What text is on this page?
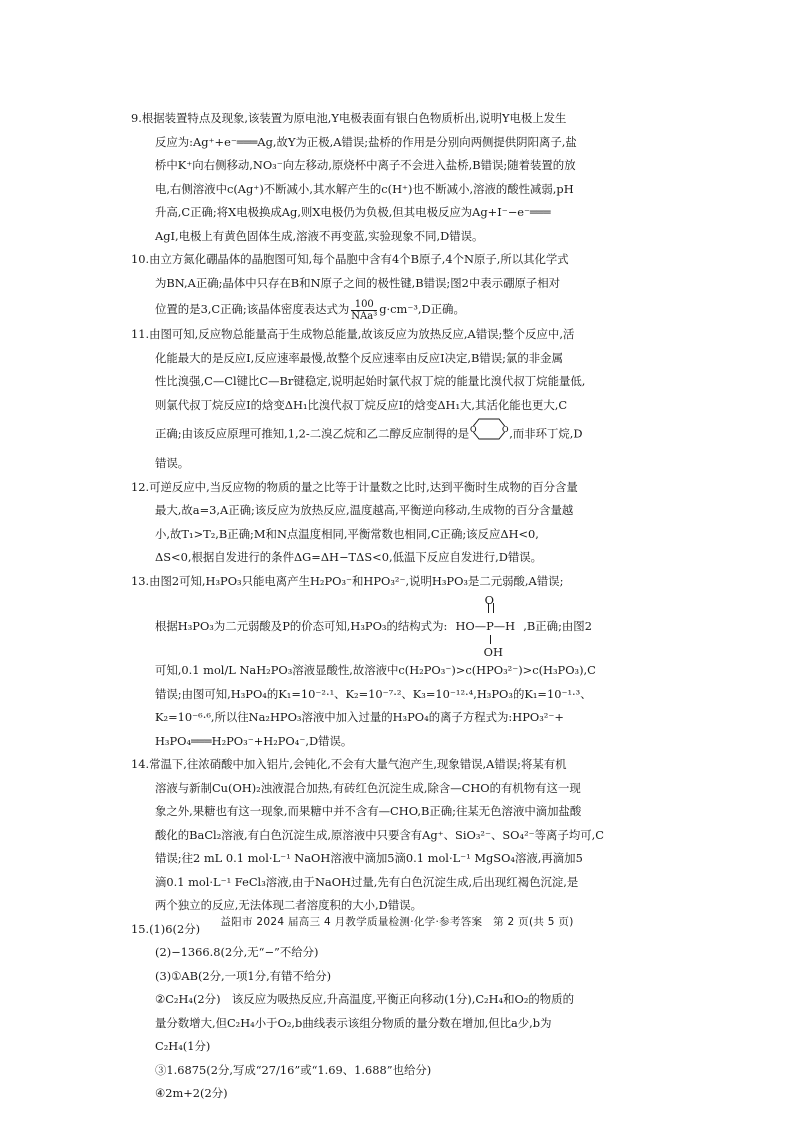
9.根据装置特点及现象,该装置为原电池,Y电极表面有银白色物质析出,说明Y电极上发生

反应为:Ag⁺+e⁻═══Ag,故Y为正极,A错误;盐桥的作用是分别向两侧提供阴阳离子,盐

桥中K⁺向右侧移动,NO₃⁻向左移动,原烧杯中离子不会进入盐桥,B错误;随着装置的放

电,右侧溶液中c(Ag⁺)不断减小,其水解产生的c(H⁺)也不断减小,溶液的酸性减弱,pH

升高,C正确;将X电极换成Ag,则X电极仍为负极,但其电极反应为Ag+I⁻−e⁻═══

AgI,电极上有黄色固体生成,溶液不再变蓝,实验现象不同,D错误。

10.由立方氮化硼晶体的晶胞图可知,每个晶胞中含有4个B原子,4个N原子,所以其化学式

为BN,A正确;晶体中只存在B和N原子之间的极性键,B错误;图2中表示硼原子相对

位置的是3,C正确;该晶体密度表达式为 $\frac{100}{\text{NAa³}} g\cdot cm^{-3},D$正确。

11.由图可知,反应物总能量高于生成物总能量,故该反应为放热反应,A错误;整个反应中,活

化能最大的是反应Ⅰ,反应速率最慢,故整个反应速率由反应Ⅰ决定,B错误;氯的非金属

性比溴强,C—Cl键比C—Br键稳定,说明起始时氯代叔丁烷的能量比溴代叔丁烷能量低,

则氯代叔丁烷反应Ⅰ的焓变ΔH₁比溴代叔丁烷反应Ⅰ的焓变ΔH₁大,其活化能也更大,C

正确;由该反应原理可推知,1,2-二溴乙烷和乙二醇反应制得的是 O	O ,而非环丁烷,D

错误。

12.可逆反应中,当反应物的物质的量之比等于计量数之比时,达到平衡时生成物的百分含量

最大,故a=3,A正确;该反应为放热反应,温度越高,平衡逆向移动,生成物的百分含量越

小,故T₁>T₂,B正确;M和N点温度相同,平衡常数也相同,C正确;该反应ΔH<0,

ΔS<0,根据自发进行的条件ΔG=ΔH−TΔS<0,低温下反应自发进行,D错误。

13.由图2可知,H₃PO₃只能电离产生H₂PO₃⁻和HPO₃²⁻,说明H₃PO₃是二元弱酸,A错误;

根据H₃PO₃为二元弱酸及P的价态可知,H₃PO₃的结构式为:
O
HO—P—H
OH
,B正确;由图2

可知,0.1 mol/L NaH₂PO₃溶液显酸性,故溶液中c(H₂PO₃⁻)>c(HPO₃²⁻)>c(H₃PO₃),C

错误;由图可知,H₃PO₄的K₁=10⁻²·¹、K₂=10⁻⁷·²、K₃=10⁻¹²·⁴,H₃PO₃的K₁=10⁻¹·³、

K₂=10⁻⁶·⁶,所以往Na₂HPO₃溶液中加入过量的H₃PO₄的离子方程式为:HPO₃²⁻+

H₃PO₄═══H₂PO₃⁻+H₂PO₄⁻,D错误。

14.常温下,往浓硝酸中加入铝片,会钝化,不会有大量气泡产生,现象错误,A错误;将某有机

溶液与新制Cu(OH)₂浊液混合加热,有砖红色沉淀生成,除含—CHO的有机物有这一现

象之外,果糖也有这一现象,而果糖中并不含有—CHO,B正确;往某无色溶液中滴加盐酸

酸化的BaCl₂溶液,有白色沉淀生成,原溶液中只要含有Ag⁺、SiO₃²⁻、SO₄²⁻等离子均可,C

错误;往2 mL 0.1 mol·L⁻¹ NaOH溶液中滴加5滴0.1 mol·L⁻¹ MgSO₄溶液,再滴加5

滴0.1 mol·L⁻¹ FeCl₃溶液,由于NaOH过量,先有白色沉淀生成,后出现红褐色沉淀,是

两个独立的反应,无法体现二者溶度积的大小,D错误。

15.(1)6(2分)

(2)−1366.8(2分,无“−”不给分)

(3)①AB(2分,一项1分,有错不给分)

②C₂H₄(2分)　该反应为吸热反应,升高温度,平衡正向移动(1分),C₂H₄和O₂的物质的

量分数增大,但C₂H₄小于O₂,b曲线表示该组分物质的量分数在增加,但比a少,b为

C₂H₄(1分)

③1.6875(2分,写成“27/16”或“1.69、1.688”也给分)

④2m+2(2分)

益阳市 2024 届高三 4 月教学质量检测·化学·参考答案　第 2 页(共 5 页)
